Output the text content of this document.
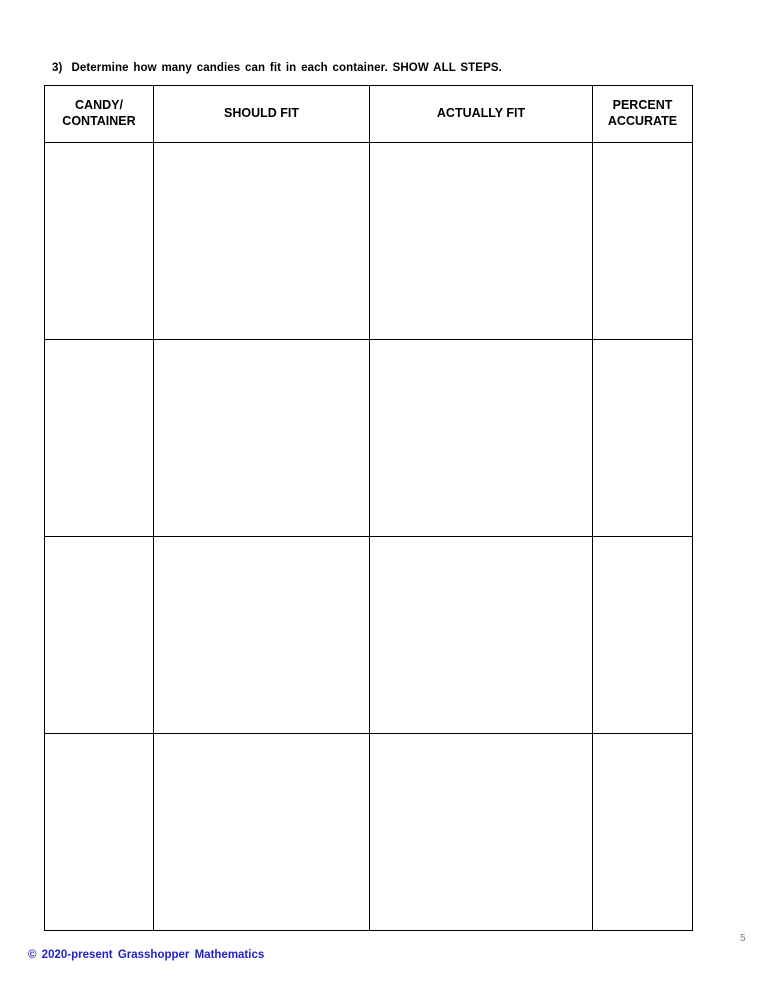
3) Determine how many candies can fit in each container. SHOW ALL STEPS.
CANDY/
CONTAINER	SHOULD FIT	ACTUALLY FIT	PERCENT
ACCURATE

© 2020-present Grasshopper Mathematics
5
